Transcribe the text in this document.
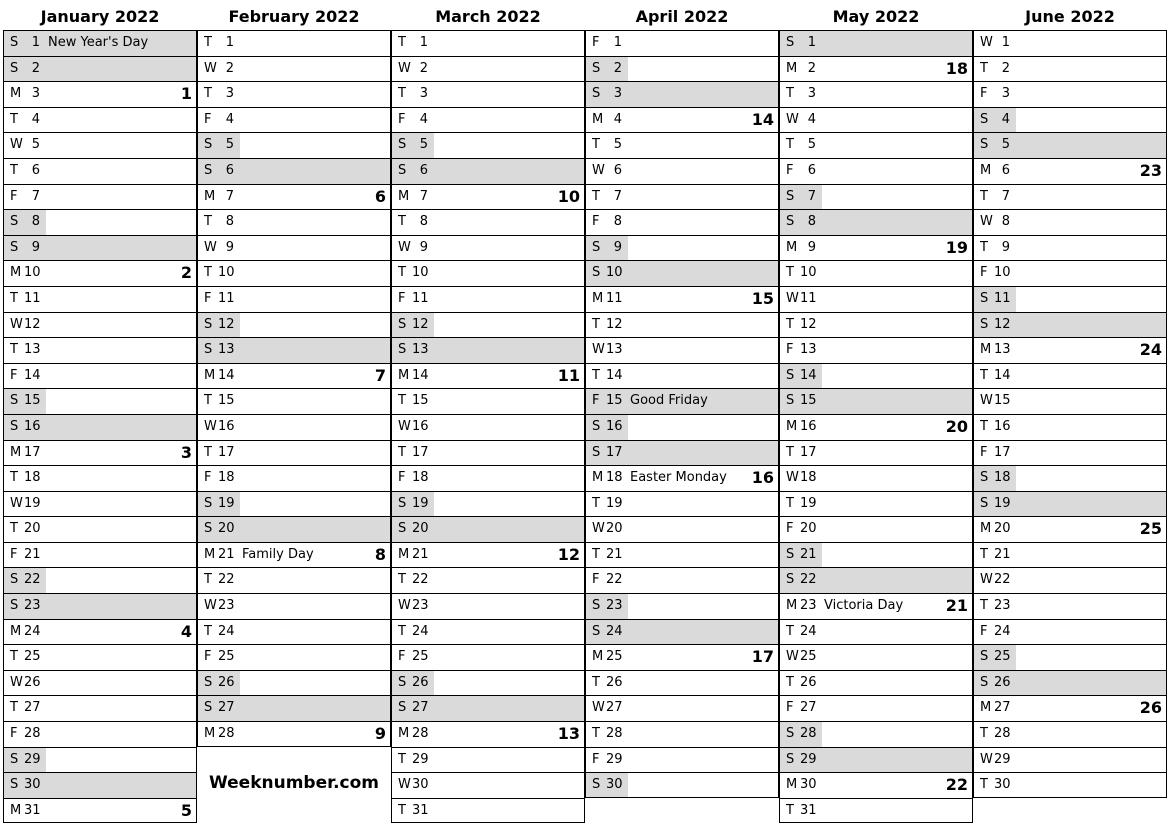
January 2022
S	1 New Year's Day
S	2
M 3	1
T	4
W 5
T	6
F	7
S	8
S	9
M 10	2
T 11
W 12
T 13
F 14
S 15
S 16
M 17	3
T 18
W 19
T 20
F 21
S 22
S 23
M 24	4
T 25
W 26
T 27
F 28
S 29
S 30
M 31	5
February 2022
T	1
W 2
T	3
F	4
S	5
S	6
M 7	6
T	8
W 9
T 10
F 11
S 12
S 13
M 14	7
T 15
W 16
T 17
F 18
S 19
S 20
M 21 Family Day	8
T 22
W 23
T 24
F 25
S 26
S 27
M 28	9
Weeknumber.com
March 2022
T	1
W 2
T	3
F	4
S	5
S	6
M 7	10
T	8
W 9
T 10
F 11
S 12
S 13
M 14	11
T 15
W 16
T 17
F 18
S 19
S 20
M 21	12
T 22
W 23
T 24
F 25
S 26
S 27
M 28	13
T 29
W 30
T 31
April 2022
F	1
S	2
S	3
M 4	14
T	5
W 6
T	7
F	8
S	9
S 10
M 11	15
T 12
W 13
T 14
F 15 Good Friday
S 16
S 17
M 18 Easter Monday 16
T 19
W 20
T 21
F 22
S 23
S 24
M 25	17
T 26
W 27
T 28
F 29
S 30
May 2022
S	1
M 2	18
T	3
W 4
T	5
F	6
S	7
S	8
M 9	19
T 10
W 11
T 12
F 13
S 14
S 15
M 16	20
T 17
W 18
T 19
F 20
S 21
S 22
M 23 Victoria Day	21
T 24
W 25
T 26
F 27
S 28
S 29
M 30	22
T 31
June 2022
W 1
T	2
F	3
S	4
S	5
M 6	23
T	7
W 8
T	9
F 10
S 11
S 12
M 13	24
T 14
W 15
T 16
F 17
S 18
S 19
M 20	25
T 21
W 22
T 23
F 24
S 25
S 26
M 27	26
T 28
W 29
T 30
